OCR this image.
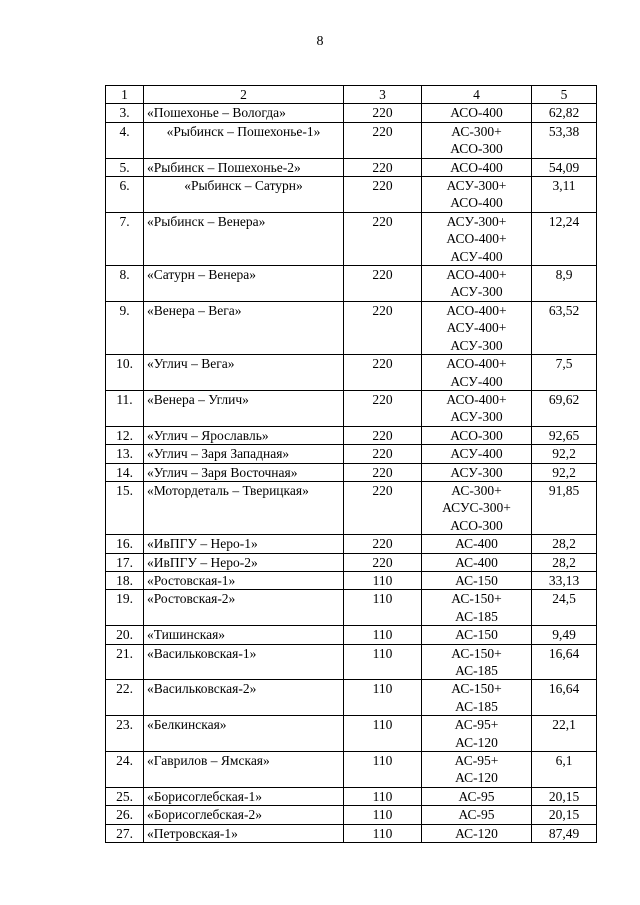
8
1	2	3	4	5
3.	«Пошехонье – Вологда»	220	АСО-400	62,82
4.	«Рыбинск – Пошехонье-1»	220	АС-300+
АСО-300	53,38
5.	«Рыбинск – Пошехонье-2»	220	АСО-400	54,09
6.	«Рыбинск – Сатурн»	220	АСУ-300+
АСО-400	3,11
7.	«Рыбинск – Венера»	220	АСУ-300+
АСО-400+
АСУ-400	12,24
8.	«Сатурн – Венера»	220	АСО-400+
АСУ-300	8,9
9.	«Венера – Вега»	220	АСО-400+
АСУ-400+
АСУ-300	63,52
10.	«Углич – Вега»	220	АСО-400+
АСУ-400	7,5
11.	«Венера – Углич»	220	АСО-400+
АСУ-300	69,62
12.	«Углич – Ярославль»	220	АСО-300	92,65
13.	«Углич – Заря Западная»	220	АСУ-400	92,2
14.	«Углич – Заря Восточная»	220	АСУ-300	92,2
15.	«Мотордеталь – Тверицкая»	220	АС-300+
АСУС-300+
АСО-300	91,85
16.	«ИвПГУ – Неро-1»	220	АС-400	28,2
17.	«ИвПГУ – Неро-2»	220	АС-400	28,2
18.	«Ростовская-1»	110	АС-150	33,13
19.	«Ростовская-2»	110	АС-150+
АС-185	24,5
20.	«Тишинская»	110	АС-150	9,49
21.	«Васильковская-1»	110	АС-150+
АС-185	16,64
22.	«Васильковская-2»	110	АС-150+
АС-185	16,64
23.	«Белкинская»	110	АС-95+
АС-120	22,1
24.	«Гаврилов – Ямская»	110	АС-95+
АС-120	6,1
25.	«Борисоглебская-1»	110	АС-95	20,15
26.	«Борисоглебская-2»	110	АС-95	20,15
27.	«Петровская-1»	110	АС-120	87,49
